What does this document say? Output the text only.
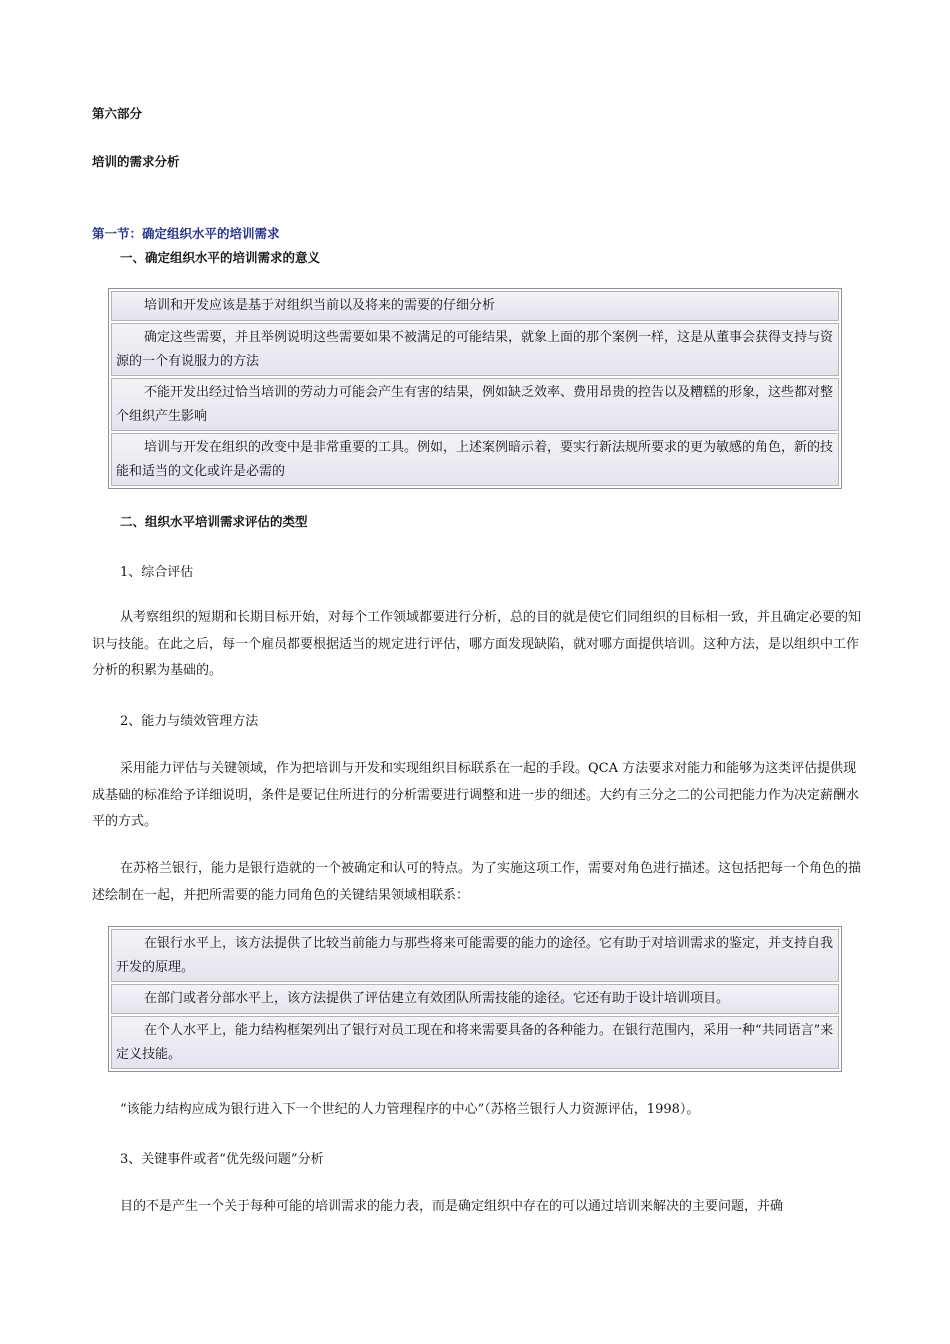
第六部分
培训的需求分析
第一节：确定组织水平的培训需求
一、确定组织水平的培训需求的意义
培训和开发应该是基于对组织当前以及将来的需要的仔细分析
确定这些需要，并且举例说明这些需要如果不被满足的可能结果，就象上面的那个案例一样，这是从董事会获得支持与资源的一个有说服力的方法
不能开发出经过恰当培训的劳动力可能会产生有害的结果，例如缺乏效率、费用昂贵的控告以及糟糕的形象，这些都对整个组织产生影响
培训与开发在组织的改变中是非常重要的工具。例如，上述案例暗示着，要实行新法规所要求的更为敏感的角色，新的技能和适当的文化或许是必需的
二、组织水平培训需求评估的类型
1、综合评估
从考察组织的短期和长期目标开始，对每个工作领域都要进行分析，总的目的就是使它们同组织的目标相一致，并且确定必要的知识与技能。在此之后，每一个雇员都要根据适当的规定进行评估，哪方面发现缺陷，就对哪方面提供培训。这种方法，是以组织中工作分析的积累为基础的。
2、能力与绩效管理方法
采用能力评估与关键领域，作为把培训与开发和实现组织目标联系在一起的手段。QCA 方法要求对能力和能够为这类评估提供现成基础的标准给予详细说明，条件是要记住所进行的分析需要进行调整和进一步的细述。大约有三分之二的公司把能力作为决定薪酬水平的方式。
在苏格兰银行，能力是银行造就的一个被确定和认可的特点。为了实施这项工作，需要对角色进行描述。这包括把每一个角色的描述绘制在一起，并把所需要的能力同角色的关键结果领域相联系：
在银行水平上，该方法提供了比较当前能力与那些将来可能需要的能力的途径。它有助于对培训需求的鉴定，并支持自我开发的原理。
在部门或者分部水平上，该方法提供了评估建立有效团队所需技能的途径。它还有助于设计培训项目。
在个人水平上，能力结构框架列出了银行对员工现在和将来需要具备的各种能力。在银行范围内，采用一种“共同语言”来定义技能。
“该能力结构应成为银行进入下一个世纪的人力管理程序的中心”（苏格兰银行人力资源评估，1998）。
3、关键事件或者“优先级问题”分析
目的不是产生一个关于每种可能的培训需求的能力表，而是确定组织中存在的可以通过培训来解决的主要问题，并确
